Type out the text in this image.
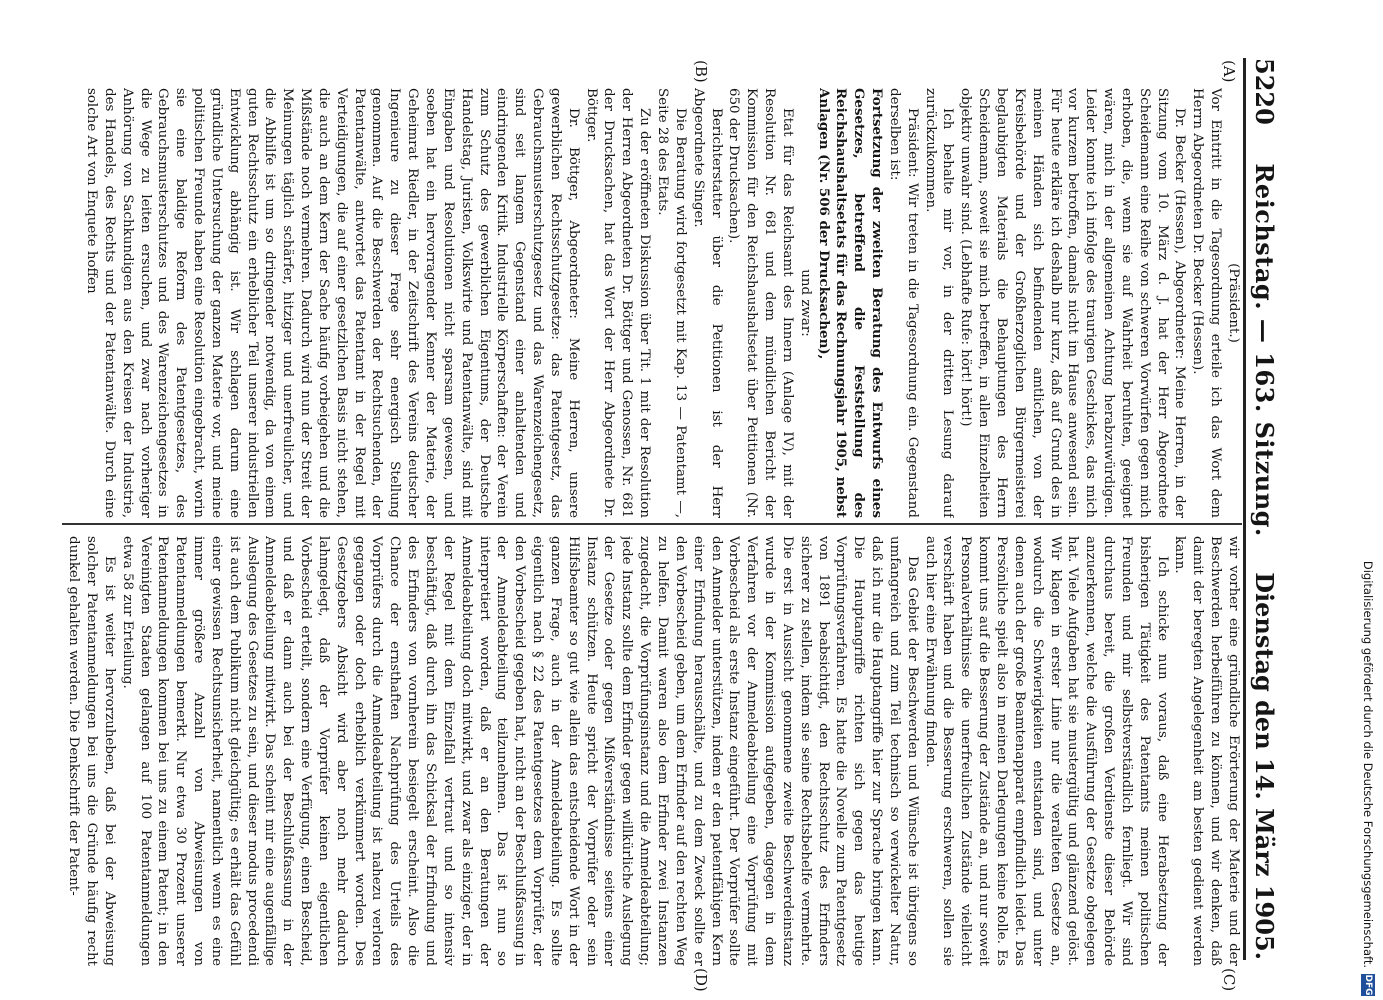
5220
Reichstag. — 163. Sitzung.
Dienstag den 14. März 1905.
(A)
(B)
(C)
(D)

(Präsident.)

Vor Eintritt in die Tagesordnung erteile ich das Wort dem Herrn Abgeordneten Dr. Becker (Hessen).

Dr. Becker (Hessen), Abgeordneter: Meine Herren, in der Sitzung vom 10. März d. J. hat der Herr Abgeordnete Scheidemann eine Reihe von schweren Vorwürfen gegen mich erhoben, die, wenn sie auf Wahrheit beruhten, geeignet wären, mich in der allgemeinen Achtung herabzuwürdigen. Leider konnte ich infolge des traurigen Geschickes, das mich vor kurzem betroffen, damals nicht im Hause anwesend sein. Für heute erkläre ich deshalb nur kurz, daß auf Grund des in meinen Händen sich befindenden amtlichen, von der Kreisbehörde und der Großherzoglichen Bürgermeisterei beglaubigten Materials die Behauptungen des Herrn Scheidemann, soweit sie mich betreffen, in allen Einzelheiten objektiv unwahr sind. (Lebhafte Rufe: hört! hört!)

Ich behalte mir vor, in der dritten Lesung darauf zurückzukommen.

Präsident: Wir treten in die Tagesordnung ein. Gegenstand derselben ist:

Fortsetzung der zweiten Beratung des Entwurfs eines Gesetzes, betreffend die Feststellung des Reichshaushaltsetats für das Rechnungsjahr 1905, nebst Anlagen (Nr. 506 der Drucksachen),

und zwar:

Etat für das Reichsamt des Innern (Anlage IV), mit der Resolution Nr. 681 und dem mündlichen Bericht der Kommission für den Reichshaushaltsetat über Petitionen (Nr. 650 der Drucksachen).

Berichterstatter über die Petitionen ist der Herr Abgeordnete Singer.

Die Beratung wird fortgesetzt mit Kap. 13 — Patentamt —, Seite 28 des Etats.

Zu der eröffneten Diskussion über Tit. 1 mit der Resolution der Herren Abgeordneten Dr. Böttger und Genossen, Nr. 681 der Drucksachen, hat das Wort der Herr Abgeordnete Dr. Böttger.

Dr. Böttger, Abgeordneter: Meine Herren, unsere gewerblichen Rechtsschutzgesetze: das Patentgesetz, das Gebrauchsmusterschutzgesetz und das Warenzeichengesetz, sind seit langem Gegenstand einer anhaltenden und eindringenden Kritik. Industrielle Körperschaften: der Verein zum Schutz des gewerblichen Eigentums, der Deutsche Handelstag, Juristen, Volkswirte und Patentanwälte, sind mit Eingaben und Resolutionen nicht sparsam gewesen, und soeben hat ein hervorragender Kenner der Materie, der Geheimrat Riedler, in der Zeitschrift des Vereins deutscher Ingenieure zu dieser Frage sehr energisch Stellung genommen. Auf die Beschwerden der Rechtsuchenden, der Patentanwälte, antwortet das Patentamt in der Regel mit Verteidigungen, die auf einer gesetzlichen Basis nicht stehen, die auch an dem Kern der Sache häufig vorbeigehen und die Mißstände noch vermehren. Dadurch wird nun der Streit der Meinungen täglich schärfer, hitziger und unerfreulicher, und die Abhilfe ist um so dringender notwendig, da von einem guten Rechtsschutz ein erheblicher Teil unserer industriellen Entwicklung abhängig ist. Wir schlagen darum eine gründliche Untersuchung der ganzen Materie vor, und meine politischen Freunde haben eine Resolution eingebracht, worin sie eine baldige Reform des Patentgesetzes, des Gebrauchsmusterschutzes und des Warenzeichengesetzes in die Wege zu leiten ersuchen, und zwar nach vorheriger Anhörung von Sachkundigen aus den Kreisen der Industrie, des Handels, des Rechts und der Patentanwälte. Durch eine solche Art von Enquete hoffen

wir vorher eine gründliche Erörterung der Materie und der Beschwerden herbeiführen zu können, und wir denken, daß damit der beregten Angelegenheit am besten gedient werden kann.

Ich schicke nun voraus, daß eine Herabsetzung der bisherigen Tätigkeit des Patentamts meinen politischen Freunden und mir selbstverständlich fernliegt. Wir sind durchaus bereit, die großen Verdienste dieser Behörde anzuerkennen, welche die Ausführung der Gesetze obgelegen hat. Viele Aufgaben hat sie mustergültig und glänzend gelöst. Wir klagen in erster Linie nur die veralteten Gesetze an, wodurch die Schwierigkeiten entstanden sind, und unter denen auch der große Beamtenapparat empfindlich leidet. Das Persönliche spielt also in meinen Darlegungen keine Rolle. Es kommt uns auf die Besserung der Zustände an, und nur soweit Personalverhältnisse die unerfreulichen Zustände vielleicht verschärft haben und die Besserung erschweren, sollen sie auch hier eine Erwähnung finden.

Das Gebiet der Beschwerden und Wünsche ist übrigens so umfangreich und zum Teil technisch so verwickelter Natur, daß ich nur die Hauptangriffe hier zur Sprache bringen kann. Die Hauptangriffe richten sich gegen das heutige Vorprüfungsverfahren. Es hatte die Novelle zum Patentgesetz von 1891 beabsichtigt, den Rechtsschutz des Erfinders sicherer zu stellen, indem sie seine Rechtsbehelfe vermehrte. Die erst in Aussicht genommene zweite Beschwerdeinstanz wurde in der Kommission aufgegeben, dagegen in dem Verfahren vor der Anmeldeabteilung eine Vorprüfung mit Vorbescheid als erste Instanz eingeführt. Der Vorprüfer sollte den Anmelder unterstützen, indem er den patentfähigen Kern einer Erfindung herausschälte, und zu dem Zweck sollte er den Vorbescheid geben, um dem Erfinder auf den rechten Weg zu helfen. Damit waren also dem Erfinder zwei Instanzen zugedacht, die Vorprüfungsinstanz und die Anmeldeabteilung; jede Instanz sollte dem Erfinder gegen willkürliche Auslegung der Gesetze oder gegen Mißverständnisse seitens einer Instanz schützen. Heute spricht der Vorprüfer oder sein Hilfsbeamter so gut wie allein das entscheidende Wort in der ganzen Frage, auch in der Anmeldeabteilung. Es sollte eigentlich nach § 22 des Patentgesetzes dem Vorprüfer, der den Vorbescheid gegeben hat, nicht an der Beschlußfassung in der Anmeldeabteilung teilzunehmen. Das ist nun so interpretiert worden, daß er an den Beratungen der Anmeldeabteilung doch mitwirkt, und zwar als einziger, der in der Regel mit dem Einzelfall vertraut und so intensiv beschäftigt, daß durch ihn das Schicksal der Erfindung und des Erfinders von vornherein besiegelt erscheint. Also die Chance der ernsthaften Nachprüfung des Urteils des Vorprüfers durch die Anmeldeabteilung ist nahezu verloren gegangen oder doch erheblich verkümmert worden. Des Gesetzgebers Absicht wird aber noch mehr dadurch lahmgelegt, daß der Vorprüfer keinen eigentlichen Vorbescheid erteilt, sondern eine Verfügung, einen Bescheid, und daß er dann auch bei der Beschlußfassung in der Anmeldeabteilung mitwirkt. Das scheint mir eine augenfällige Auslegung des Gesetzes zu sein, und dieser modus procedendi ist auch dem Publikum nicht gleichgültig; es erhält das Gefühl einer gewissen Rechtsunsicherheit, namentlich wenn es eine immer größere Anzahl von Abweisungen von Patentanmeldungen bemerkt. Nur etwa 30 Prozent unserer Patentanmeldungen kommen bei uns zu einem Patent; in den Vereinigten Staaten gelangen auf 100 Patentanmeldungen etwa 58 zur Erteilung.

Es ist weiter hervorzuheben, daß bei der Abweisung solcher Patentanmeldungen bei uns die Gründe häufig recht dunkel gehalten werden. Die Denkschrift der Patent-	Digitalisierung gefördert durch die Deutsche Forschungsgemeinschaft.
DFG
